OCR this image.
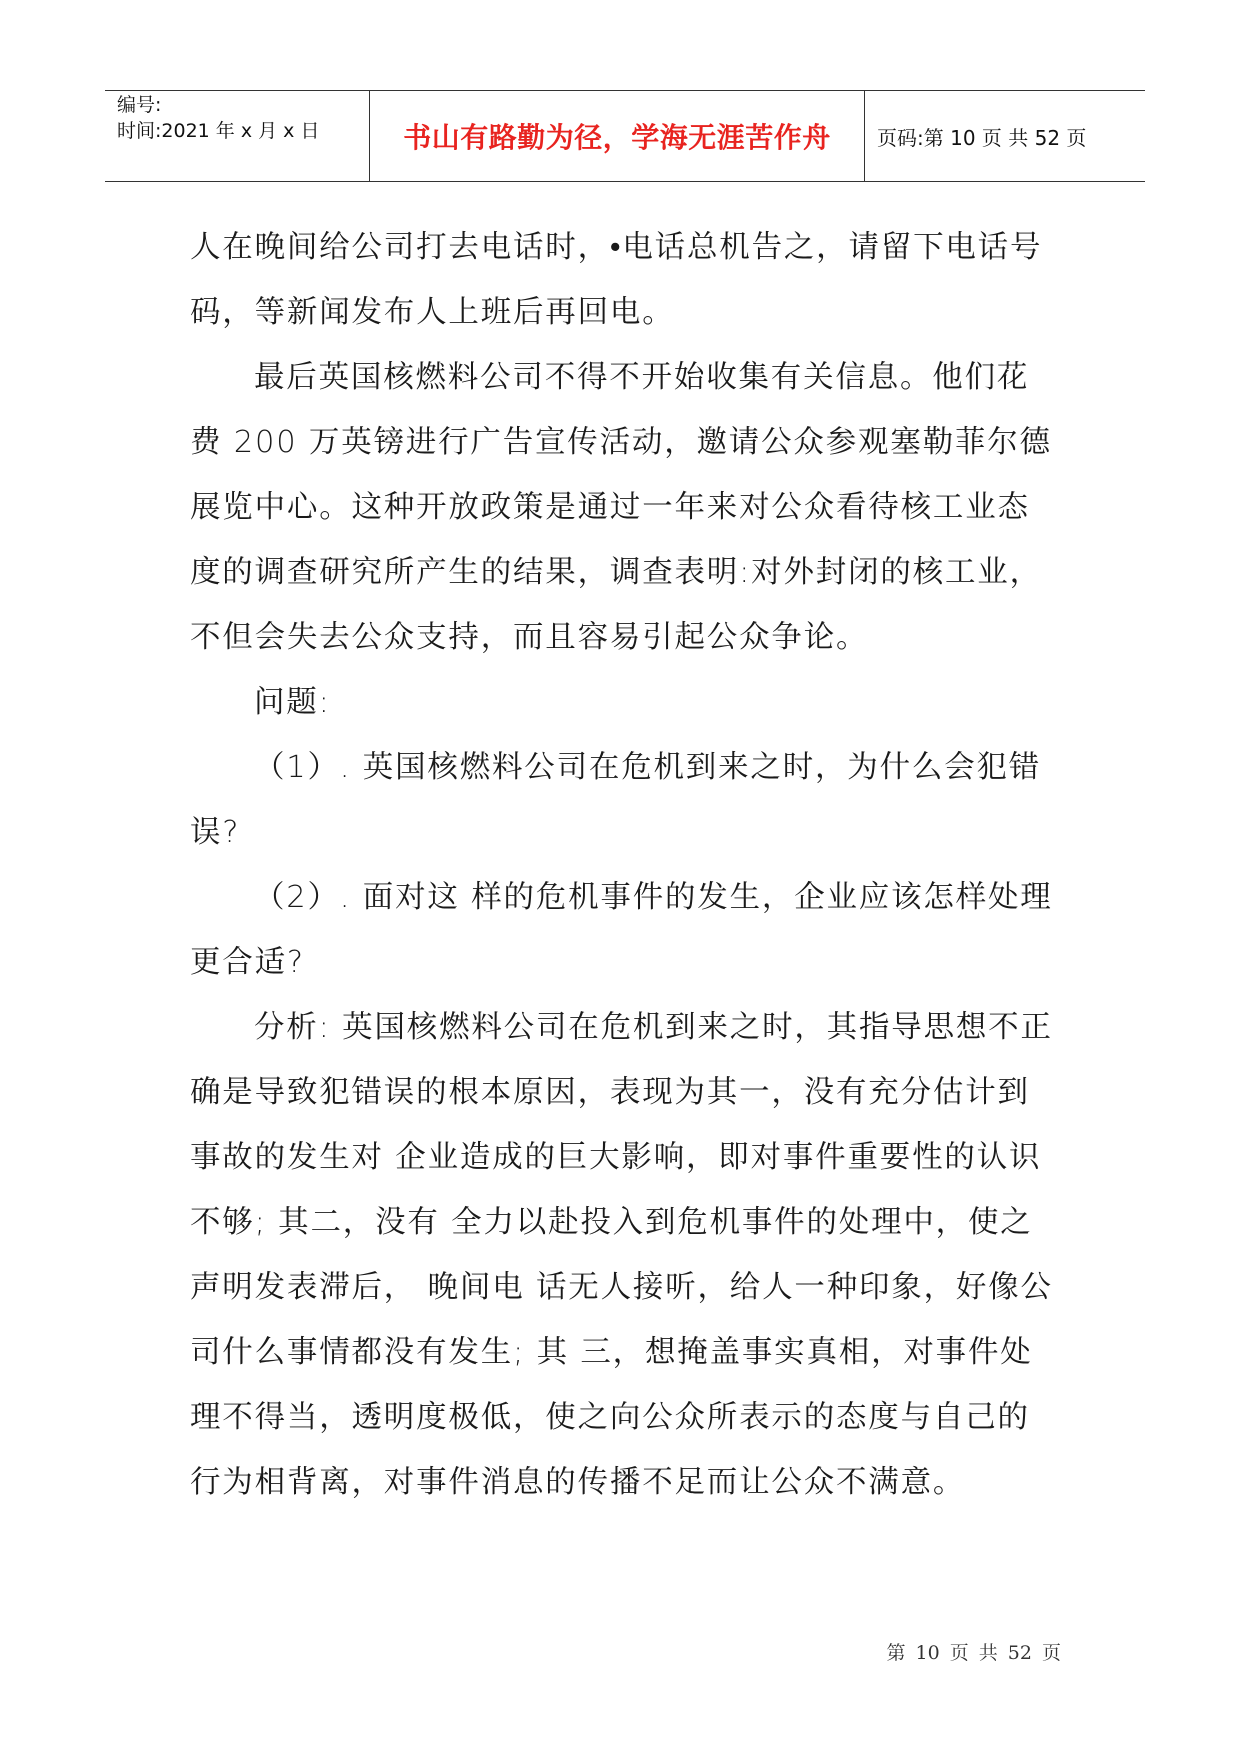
编号:
时间:2021 年 x 月 x 日	书山有路勤为径，学海无涯苦作舟 页码:第 10 页 共 52 页

人在晚间给公司打去电话时，•电话总机告之，请留下电话号码，等新闻发布人上班后再回电。

最后英国核燃料公司不得不开始收集有关信息。他们花费 200 万英镑进行广告宣传活动，邀请公众参观塞勒菲尔德展览中心。这种开放政策是通过一年来对公众看待核工业态度的调查研究所产生的结果，调查表明:对外封闭的核工业，不但会失去公众支持，而且容易引起公众争论。

问题:

（1）. 英国核燃料公司在危机到来之时，为什么会犯错误?

（2）. 面对这 样的危机事件的发生，企业应该怎样处理更合适?

分析: 英国核燃料公司在危机到来之时，其指导思想不正确是导致犯错误的根本原因，表现为其一，没有充分估计到事故的发生对 企业造成的巨大影响，即对事件重要性的认识不够; 其二，没有 全力以赴投入到危机事件的处理中，使之声明发表滞后， 晚间电 话无人接听，给人一种印象，好像公司什么事情都没有发生; 其 三，想掩盖事实真相，对事件处理不得当，透明度极低，使之向公众所表示的态度与自己的行为相背离，对事件消息的传播不足而让公众不满意。

第 10 页 共 52 页
